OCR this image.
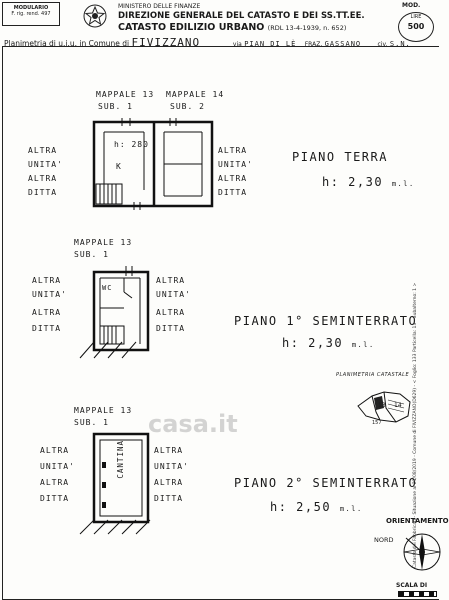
MODULARIO
F. rig. rend. 497
MINISTERO DELLE FINANZE
DIREZIONE GENERALE DEL CATASTO E DEI SS.TT.EE.
CATASTO EDILIZIO URBANO (RDL 13-4-1939, n. 652)
MOD.
LIRE
500
Planimetria di u.i.u. in Comune di FIVIZZANO	via PIAN DI LÈ FRAZ. GASSANO	civ. S.N.
MAPPALE 13
SUB. 1
MAPPALE 14
SUB. 2
h: 280
K
ALTRA
UNITA'
ALTRA
DITTA
ALTRA
UNITA'
ALTRA
DITTA
PIANO TERRA
h: 2,30 m.l.
MAPPALE 13
SUB. 1
WC
ALTRA
UNITA'
ALTRA
DITTA
ALTRA
UNITA'
ALTRA
DITTA
PIANO 1° SEMINTERRATO
h: 2,30 m.l.
PLANIMETRIA CATASTALE
13 14
157
MAPPALE 13
SUB. 1
CANTINA
ALTRA
UNITA'
ALTRA
DITTA
ALTRA
UNITA'
ALTRA
DITTA
PIANO 2° SEMINTERRATO
h: 2,50 m.l.
ORIENTAMENTO
NORD
SCALA DI
Catasto dei Fabbricati - Situazione al 21/08/2019 - Comune di FIVIZZANO(D629) - < Foglio: 133 Particella: 13 - Subalterno: 1 >
casa.it
